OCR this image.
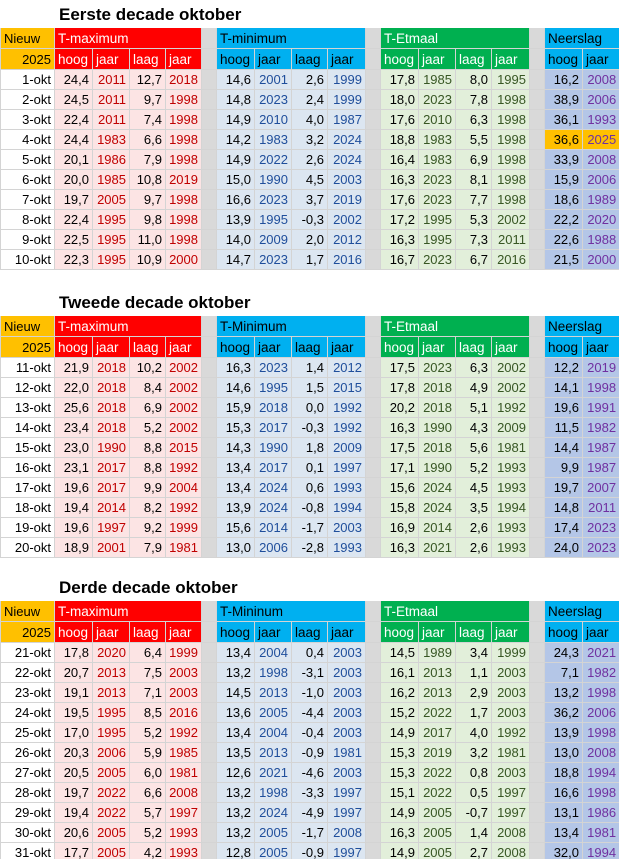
Eerste decade oktober																	
Nieuw	T-maximum					T-minimum					T-Etmaal					Neerslag	
2025	hoog	jaar	laag	jaar		hoog	jaar	laag	jaar		hoog	jaar	laag	jaar		hoog	jaar
1-okt	24,4	2011	12,7	2018		14,6	2001	2,6	1999		17,8	1985	8,0	1995		16,2	2008
2-okt	24,5	2011	9,7	1998		14,8	2023	2,4	1999		18,0	2023	7,8	1998		38,9	2006
3-okt	22,4	2011	7,4	1998		14,9	2010	4,0	1987		17,6	2010	6,3	1998		36,1	1993
4-okt	24,4	1983	6,6	1998		14,2	1983	3,2	2024		18,8	1983	5,5	1998		36,6	2025
5-okt	20,1	1986	7,9	1998		14,9	2022	2,6	2024		16,4	1983	6,9	1998		33,9	2008
6-okt	20,0	1985	10,8	2019		15,0	1990	4,5	2003		16,3	2023	8,1	1998		15,9	2006
7-okt	19,7	2005	9,7	1998		16,6	2023	3,7	2019		17,6	2023	7,7	1998		18,6	1989
8-okt	22,4	1995	9,8	1998		13,9	1995	-0,3	2002		17,2	1995	5,3	2002		22,2	2020
9-okt	22,5	1995	11,0	1998		14,0	2009	2,0	2012		16,3	1995	7,3	2011		22,6	1988
10-okt	22,3	1995	10,9	2000		14,7	2023	1,7	2016		16,7	2023	6,7	2016		21,5	2000
Tweede decade oktober																	
Nieuw	T-maximum					T-Minimum					T-Etmaal					Neerslag	
2025	hoog	jaar	laag	jaar		hoog	jaar	laag	jaar		hoog	jaar	laag	jaar		hoog	jaar
11-okt	21,9	2018	10,2	2002		16,3	2023	1,4	2012		17,5	2023	6,3	2002		12,2	2019
12-okt	22,0	2018	8,4	2002		14,6	1995	1,5	2015		17,8	2018	4,9	2002		14,1	1998
13-okt	25,6	2018	6,9	2002		15,9	2018	0,0	1992		20,2	2018	5,1	1992		19,6	1991
14-okt	23,4	2018	5,2	2002		15,3	2017	-0,3	1992		16,3	1990	4,3	2009		11,5	1982
15-okt	23,0	1990	8,8	2015		14,3	1990	1,8	2009		17,5	2018	5,6	1981		14,4	1987
16-okt	23,1	2017	8,8	1992		13,4	2017	0,1	1997		17,1	1990	5,2	1993		9,9	1987
17-okt	19,6	2017	9,9	2004		13,4	2024	0,6	1993		15,6	2024	4,5	1993		19,7	2007
18-okt	19,4	2014	8,2	1992		13,9	2024	-0,8	1994		15,8	2024	3,5	1994		14,8	2011
19-okt	19,6	1997	9,2	1999		15,6	2014	-1,7	2003		16,9	2014	2,6	1993		17,4	2023
20-okt	18,9	2001	7,9	1981		13,0	2006	-2,8	1993		16,3	2021	2,6	1993		24,0	2023
Derde decade oktober																	
Nieuw	T-maximum					T-Mininum					T-Etmaal					Neerslag	
2025	hoog	jaar	laag	jaar		hoog	jaar	laag	jaar		hoog	jaar	laag	jaar		hoog	jaar
21-okt	17,8	2020	6,4	1999		13,4	2004	0,4	2003		14,5	1989	3,4	1999		24,3	2021
22-okt	20,7	2013	7,5	2003		13,2	1998	-3,1	2003		16,1	2013	1,1	2003		7,1	1982
23-okt	19,1	2013	7,1	2003		14,5	2013	-1,0	2003		16,2	2013	2,9	2003		13,2	1998
24-okt	19,5	1995	8,5	2016		13,6	2005	-4,4	2003		15,2	2022	1,7	2003		36,2	2006
25-okt	17,0	1995	5,2	1992		13,4	2004	-0,4	2003		14,9	2017	4,0	1992		13,9	1998
26-okt	20,3	2006	5,9	1985		13,5	2013	-0,9	1981		15,3	2019	3,2	1981		13,0	2008
27-okt	20,5	2005	6,0	1981		12,6	2021	-4,6	2003		15,3	2022	0,8	2003		18,8	1994
28-okt	19,7	2022	6,6	2008		13,2	1998	-3,3	1997		15,1	2022	0,5	1997		16,6	1998
29-okt	19,4	2022	5,7	1997		13,2	2024	-4,9	1997		14,9	2005	-0,7	1997		13,1	1986
30-okt	20,6	2005	5,2	1993		13,2	2005	-1,7	2008		16,3	2005	1,4	2008		13,4	1981
31-okt	17,7	2005	4,2	1993		12,8	2005	-0,9	1997		14,9	2005	2,7	2008		32,0	1994
